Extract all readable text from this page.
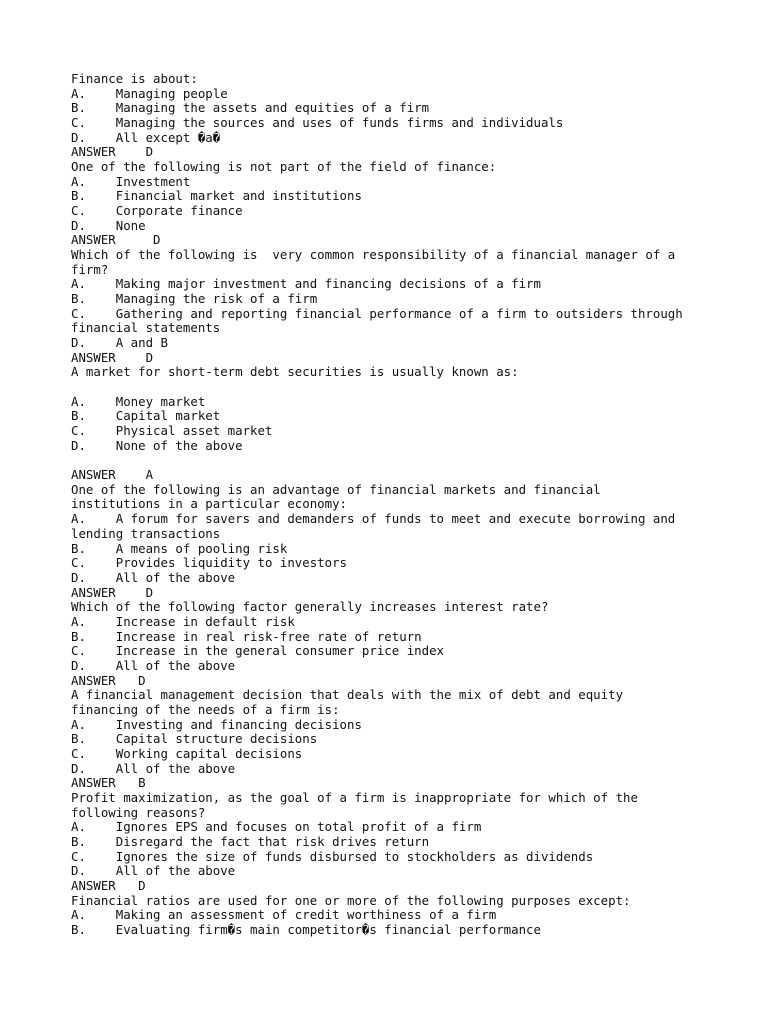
Finance is about:
A.    Managing people
B.    Managing the assets and equities of a firm
C.    Managing the sources and uses of funds firms and individuals
D.    All except �a�
ANSWER    D
One of the following is not part of the field of finance:
A.    Investment
B.    Financial market and institutions
C.    Corporate finance
D.    None
ANSWER     D
Which of the following is  very common responsibility of a financial manager of a
firm?
A.    Making major investment and financing decisions of a firm
B.    Managing the risk of a firm
C.    Gathering and reporting financial performance of a firm to outsiders through
financial statements
D.    A and B
ANSWER    D
A market for short-term debt securities is usually known as:
A.    Money market
B.    Capital market
C.    Physical asset market
D.    None of the above
ANSWER    A
One of the following is an advantage of financial markets and financial
institutions in a particular economy:
A.    A forum for savers and demanders of funds to meet and execute borrowing and
lending transactions
B.    A means of pooling risk
C.    Provides liquidity to investors
D.    All of the above
ANSWER    D
Which of the following factor generally increases interest rate?
A.    Increase in default risk
B.    Increase in real risk-free rate of return
C.    Increase in the general consumer price index
D.    All of the above
ANSWER   D
A financial management decision that deals with the mix of debt and equity
financing of the needs of a firm is:
A.    Investing and financing decisions
B.    Capital structure decisions
C.    Working capital decisions
D.    All of the above
ANSWER   B
Profit maximization, as the goal of a firm is inappropriate for which of the
following reasons?
A.    Ignores EPS and focuses on total profit of a firm
B.    Disregard the fact that risk drives return
C.    Ignores the size of funds disbursed to stockholders as dividends
D.    All of the above
ANSWER   D
Financial ratios are used for one or more of the following purposes except:
A.    Making an assessment of credit worthiness of a firm
B.    Evaluating firm�s main competitor�s financial performance
